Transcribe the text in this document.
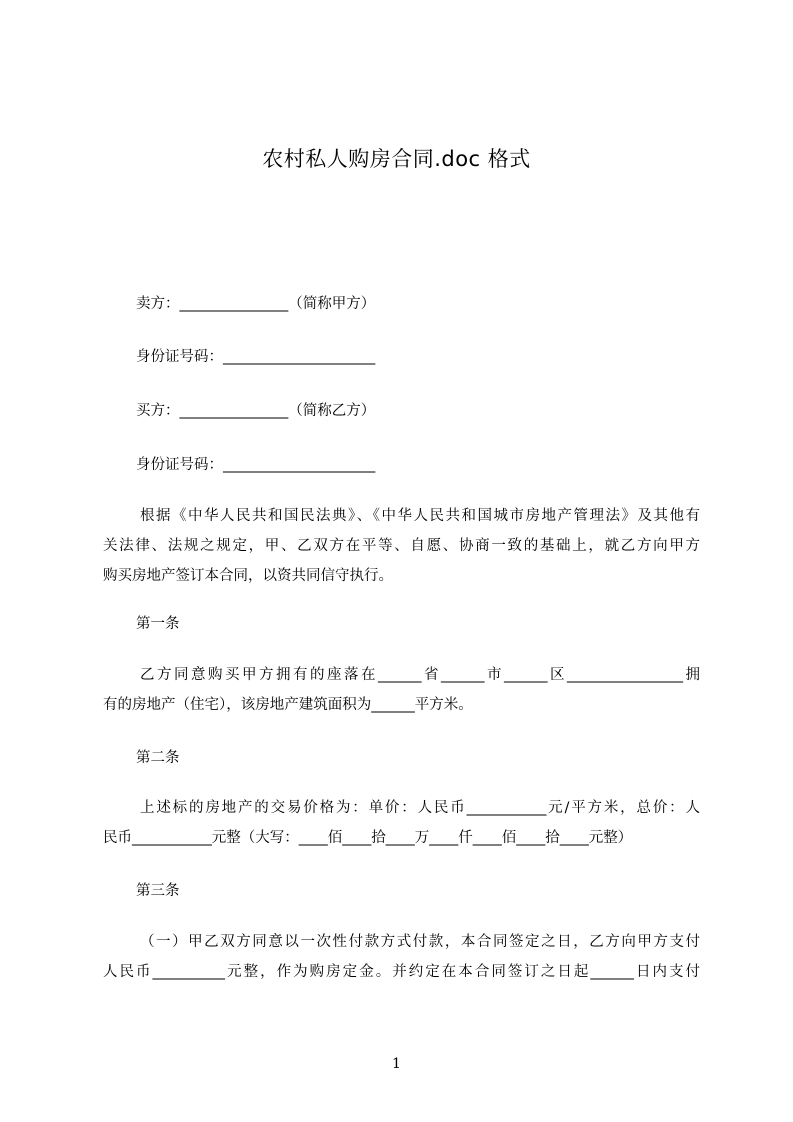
农村私人购房合同.doc 格式
卖方：_______________（简称甲方）
身份证号码：_____________________
买方：_______________（简称乙方）
身份证号码：_____________________
根据《中华人民共和国民法典》、《中华人民共和国城市房地产管理法》及其他有
关法律、法规之规定，甲、乙双方在平等、自愿、协商一致的基础上，就乙方向甲方
购买房地产签订本合同，以资共同信守执行。
第一条
乙方同意购买甲方拥有的座落在______省______市______区________________拥
有的房地产（住宅），该房地产建筑面积为______平方米。
第二条
上述标的房地产的交易价格为：单价：人民币___________元/平方米，总价：人
民币___________元整（大写：____佰____拾____万____仟____佰____拾____元整）
第三条
（一）甲乙双方同意以一次性付款方式付款，本合同签定之日，乙方向甲方支付
人民币__________元整，作为购房定金。并约定在本合同签订之日起______日内支付
1
